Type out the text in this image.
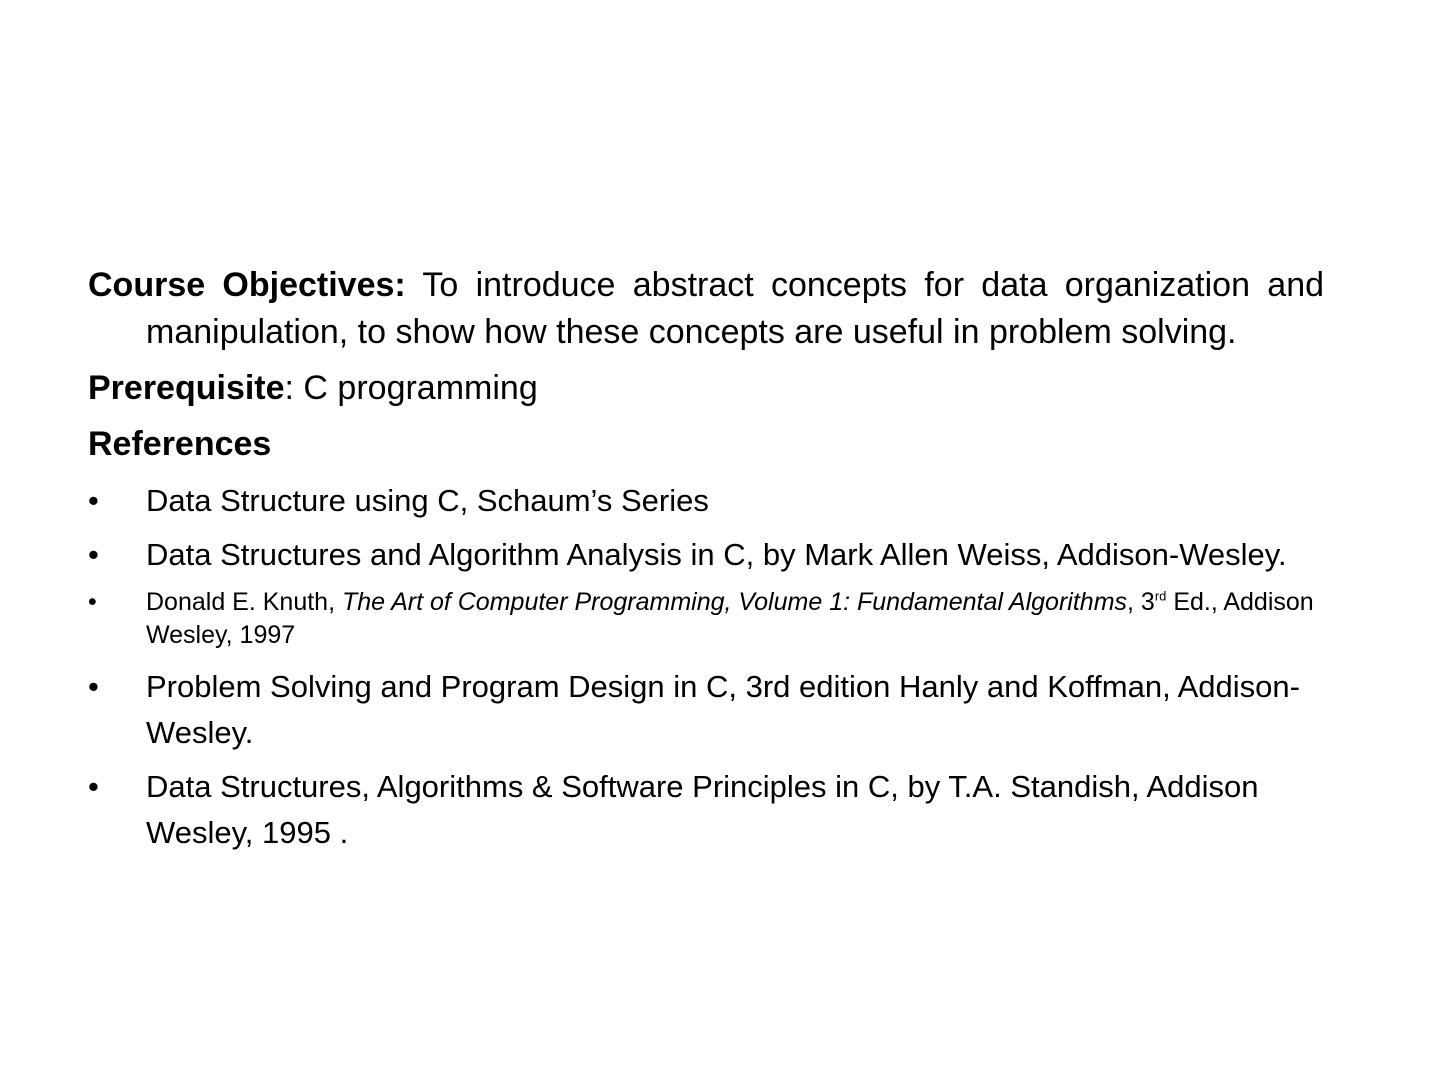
Course Objectives: To introduce abstract concepts for data organization and manipulation, to show how these concepts are useful in problem solving.

Prerequisite: C programming

References
• Data Structure using C, Schaum’s Series
• Data Structures and Algorithm Analysis in C, by Mark Allen Weiss, Addison-Wesley.
• Donald E. Knuth, The Art of Computer Programming, Volume 1: Fundamental Algorithms, 3rd Ed., Addison Wesley, 1997
• Problem Solving and Program Design in C, 3rd edition Hanly and Koffman, Addison-Wesley.
• Data Structures, Algorithms & Software Principles in C, by T.A. Standish, Addison Wesley, 1995 .
